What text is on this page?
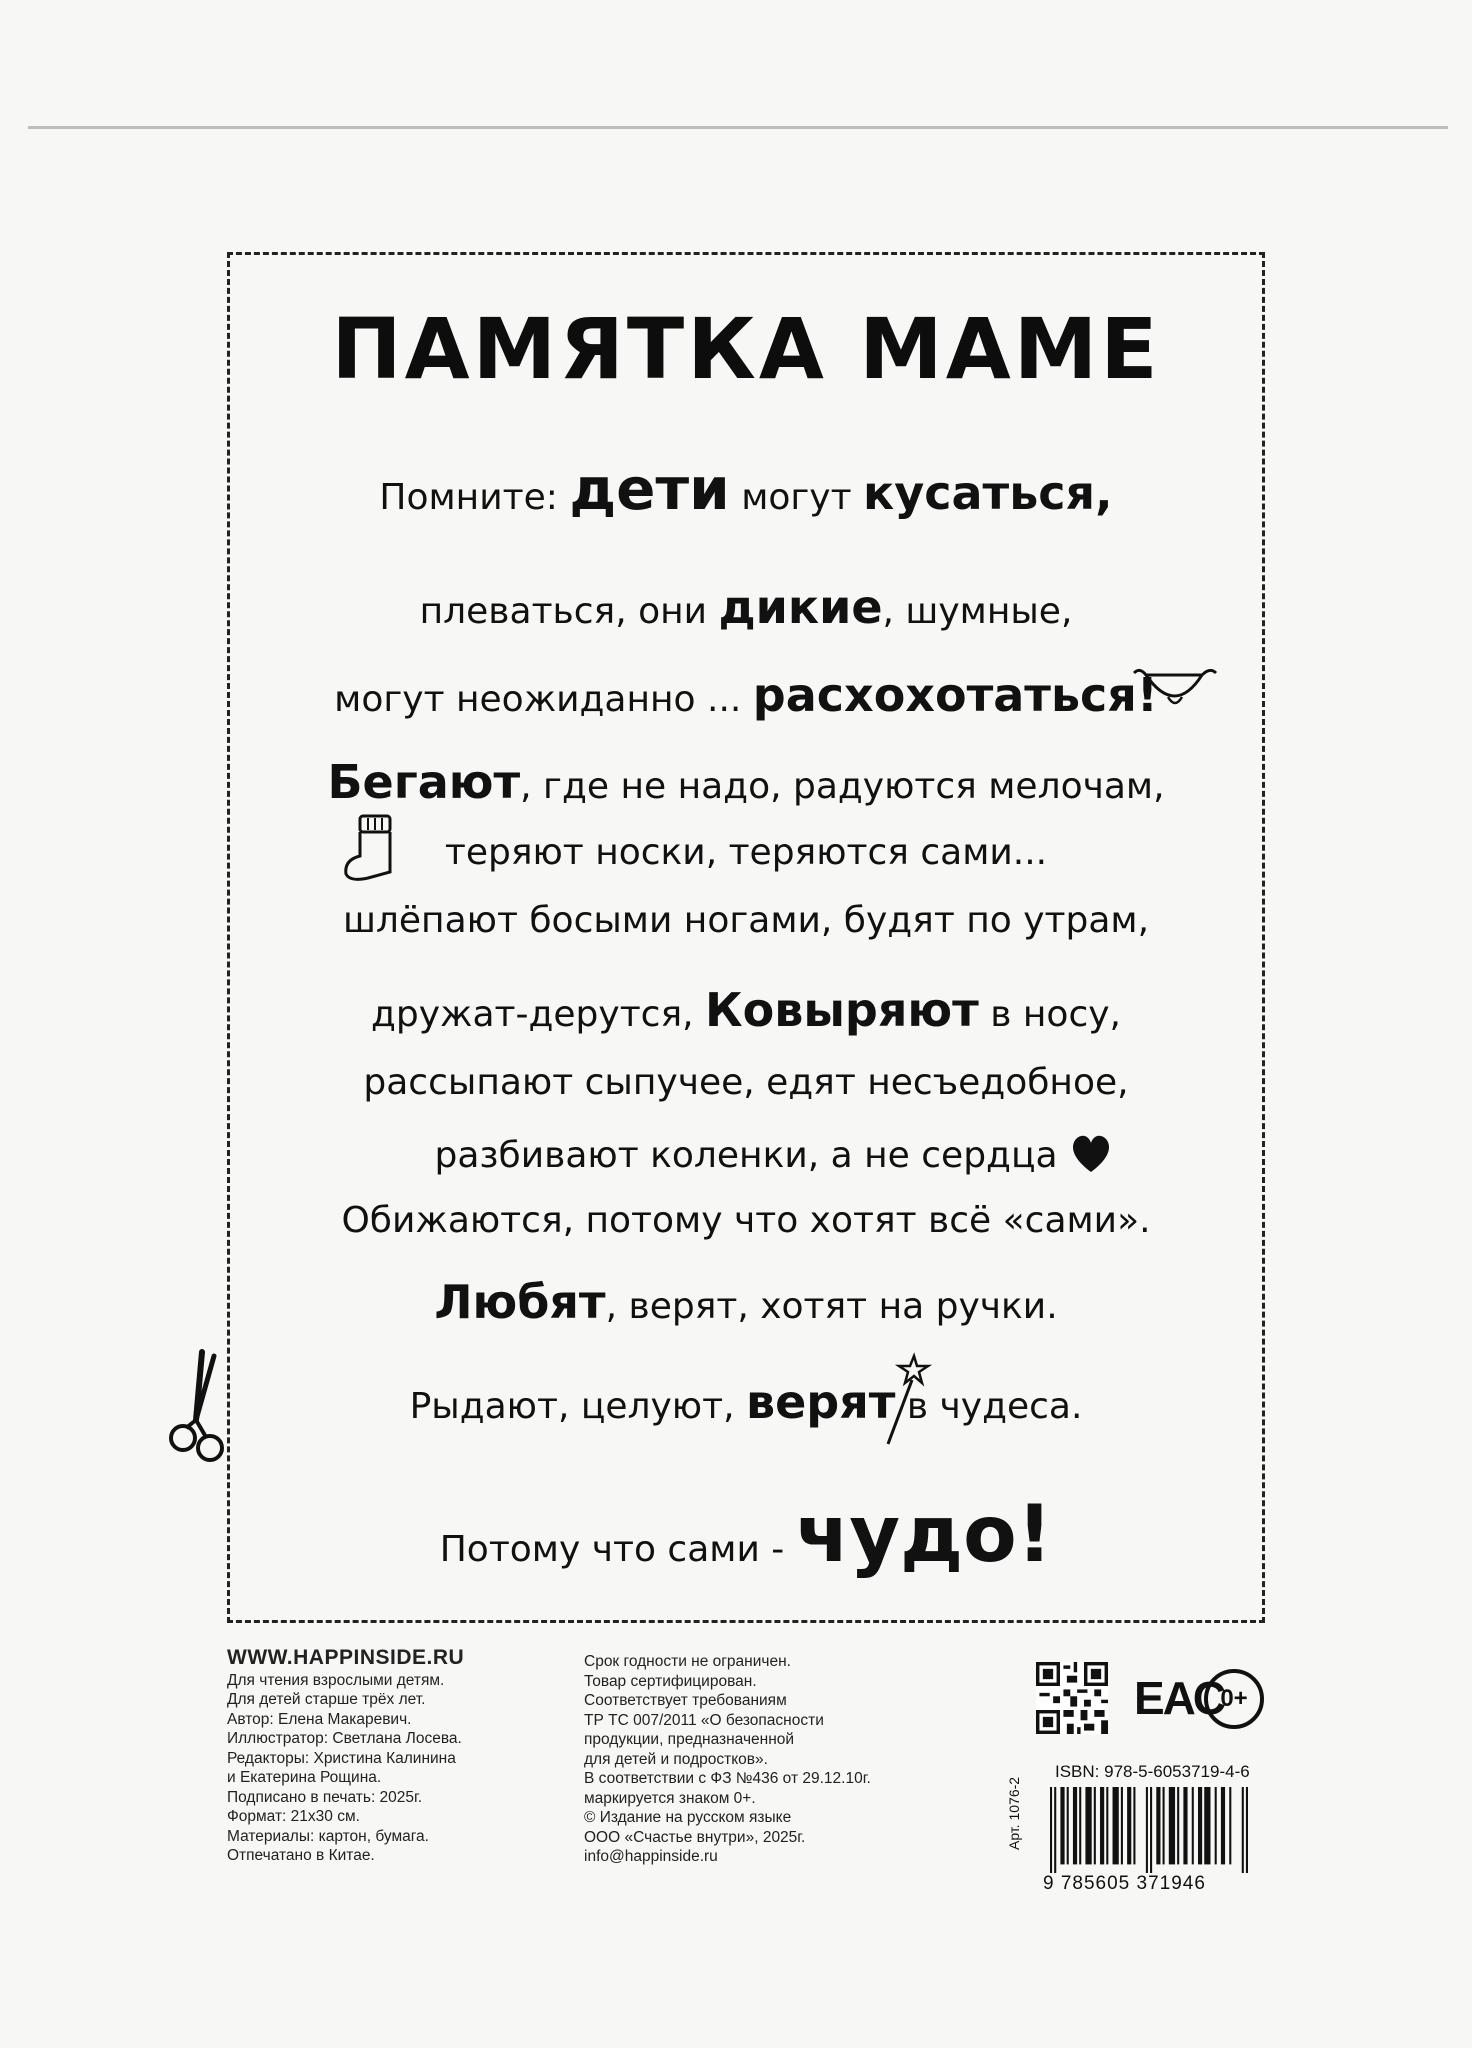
ПАМЯТКА МАМЕ
Помните: дети могут кусаться,
плеваться, они дикие, шумные,
могут неожиданно ... расхохотаться!
Бегают, где не надо, радуются мелочам,
теряют носки, теряются сами...
шлёпают босыми ногами, будят по утрам,
дружат-дерутся, Ковыряют в носу,
рассыпают сыпучее, едят несъедобное,
разбивают коленки, а не сердца
Обижаются, потому что хотят всё «сами».
Любят, верят, хотят на ручки.
Рыдают, целуют, верят в чудеса.
Потому что сами - чудо!
WWW.HAPPINSIDE.RU
Для чтения взрослыми детям.
Для детей старше трёх лет.
Автор: Елена Макаревич.
Иллюстратор: Светлана Лосева.
Редакторы: Христина Калинина
и Екатерина Рощина.
Подписано в печать: 2025г.
Формат: 21x30 см.
Материалы: картон, бумага.
Отпечатано в Китае.
Срок годности не ограничен.
Товар сертифицирован.
Соответствует требованиям
ТР ТС 007/2011 «О безопасности
продукции, предназначенной
для детей и подростков».
В соответствии с ФЗ №436 от 29.12.10г.
маркируется знаком 0+.
© Издание на русском языке
ООО «Счастье внутри», 2025г.
info@happinside.ru
ЕАС
0+
ISBN: 978-5-6053719-4-6
Арт. 1076-2
9 785605 371946
